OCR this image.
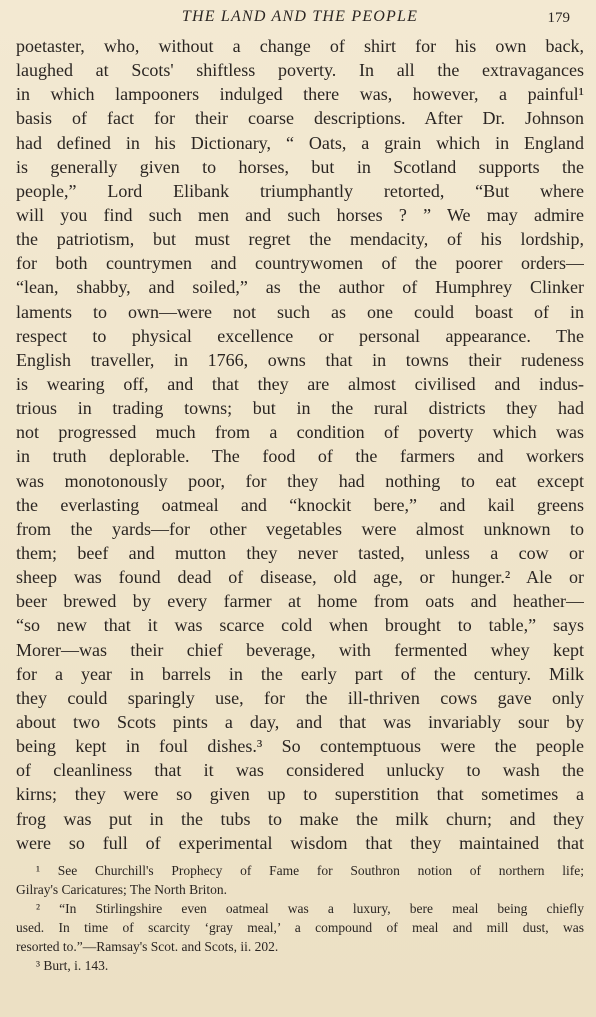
THE LAND AND THE PEOPLE	179
poetaster, who, without a change of shirt for his own back,
laughed at Scots' shiftless poverty. In all the extravagances
in which lampooners indulged there was, however, a painful¹
basis of fact for their coarse descriptions. After Dr. Johnson
had defined in his Dictionary, “ Oats, a grain which in England
is generally given to horses, but in Scotland supports the
people,” Lord Elibank triumphantly retorted, “But where
will you find such men and such horses ? ” We may admire
the patriotism, but must regret the mendacity, of his lordship,
for both countrymen and countrywomen of the poorer orders—
“lean, shabby, and soiled,” as the author of Humphrey Clinker
laments to own—were not such as one could boast of in
respect to physical excellence or personal appearance. The
English traveller, in 1766, owns that in towns their rudeness
is wearing off, and that they are almost civilised and indus-
trious in trading towns; but in the rural districts they had
not progressed much from a condition of poverty which was
in truth deplorable. The food of the farmers and workers
was monotonously poor, for they had nothing to eat except
the everlasting oatmeal and “knockit bere,” and kail greens
from the yards—for other vegetables were almost unknown to
them; beef and mutton they never tasted, unless a cow or
sheep was found dead of disease, old age, or hunger.² Ale or
beer brewed by every farmer at home from oats and heather—
“so new that it was scarce cold when brought to table,” says
Morer—was their chief beverage, with fermented whey kept
for a year in barrels in the early part of the century. Milk
they could sparingly use, for the ill-thriven cows gave only
about two Scots pints a day, and that was invariably sour by
being kept in foul dishes.³ So contemptuous were the people
of cleanliness that it was considered unlucky to wash the
kirns; they were so given up to superstition that sometimes a
frog was put in the tubs to make the milk churn; and they
were so full of experimental wisdom that they maintained that
¹ See Churchill's Prophecy of Fame for Southron notion of northern life;
Gilray's Caricatures; The North Briton.
² “In Stirlingshire even oatmeal was a luxury, bere meal being chiefly
used. In time of scarcity ‘gray meal,’ a compound of meal and mill dust, was
resorted to.”—Ramsay's Scot. and Scots, ii. 202.
³ Burt, i. 143.
